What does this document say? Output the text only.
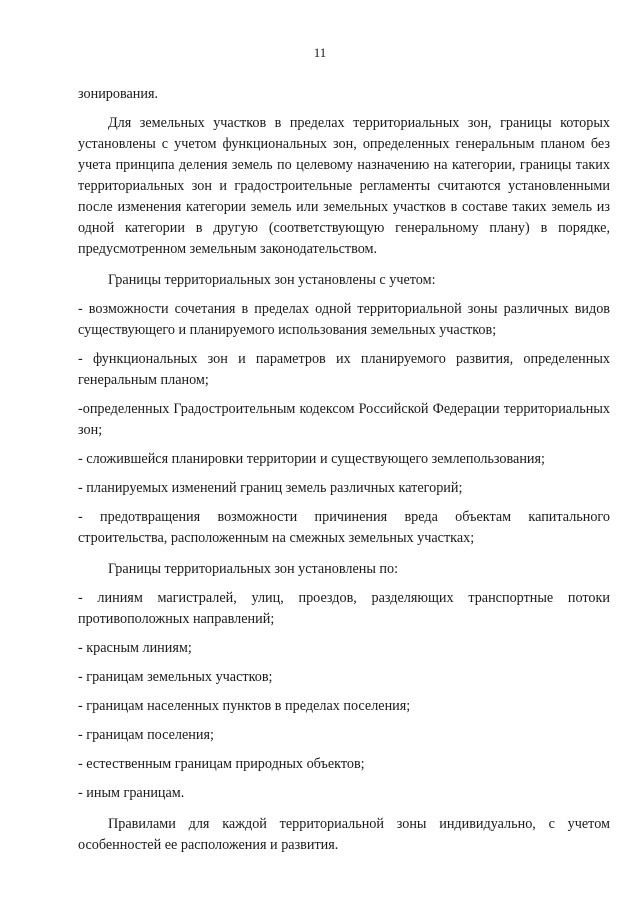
11

зонирования.

Для земельных участков в пределах территориальных зон, границы которых установлены с учетом функциональных зон, определенных генеральным планом без учета принципа деления земель по целевому назначению на категории, границы таких территориальных зон и градостроительные регламенты считаются установленными после изменения категории земель или земельных участков в составе таких земель из одной категории в другую (соответствующую генеральному плану) в порядке, предусмотренном земельным законодательством.

Границы территориальных зон установлены с учетом:

- возможности сочетания в пределах одной территориальной зоны различных видов существующего и планируемого использования земельных участков;

- функциональных зон и параметров их планируемого развития, определенных генеральным планом;

-определенных Градостроительным кодексом Российской Федерации территориальных зон;

- сложившейся планировки территории и существующего землепользования;

- планируемых изменений границ земель различных категорий;

- предотвращения возможности причинения вреда объектам капитального строительства, расположенным на смежных земельных участках;

Границы территориальных зон установлены по:

- линиям магистралей, улиц, проездов, разделяющих транспортные потоки противоположных направлений;

- красным линиям;

- границам земельных участков;

- границам населенных пунктов в пределах поселения;

- границам поселения;

- естественным границам природных объектов;

- иным границам.

Правилами для каждой территориальной зоны индивидуально, с учетом особенностей ее расположения и развития.
